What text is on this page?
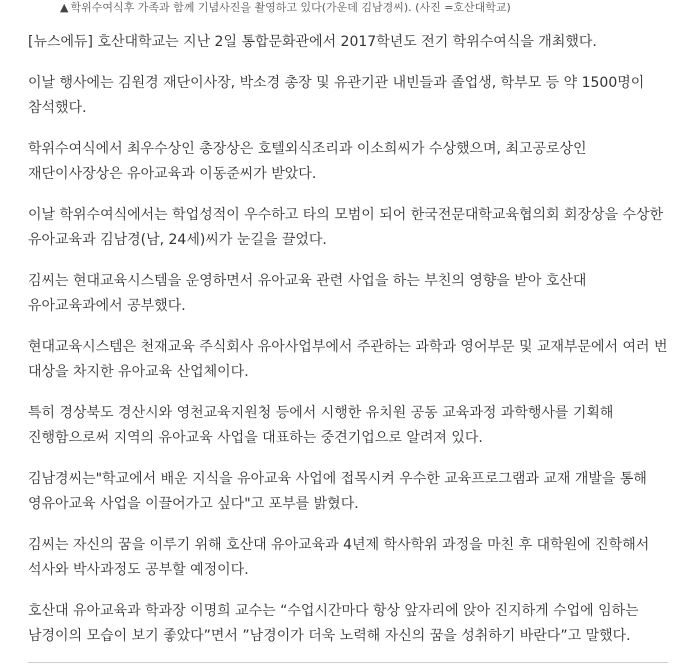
▲ 학위수여식후 가족과 함께 기념사진을 촬영하고 있다(가운데 김남경씨). (사진 =호산대학교)

[뉴스에듀] 호산대학교는 지난 2일 통합문화관에서 2017학년도 전기 학위수여식을 개최했다.

이날 행사에는 김원경 재단이사장, 박소경 총장 및 유관기관 내빈들과 졸업생, 학부모 등 약 1500명이 참석했다.

학위수여식에서 최우수상인 총장상은 호텔외식조리과 이소희씨가 수상했으며, 최고공로상인 재단이사장상은 유아교육과 이동준씨가 받았다.

이날 학위수여식에서는 학업성적이 우수하고 타의 모범이 되어 한국전문대학교육협의회 회장상을 수상한 유아교육과 김남경(남, 24세)씨가 눈길을 끌었다.

김씨는 현대교육시스템을 운영하면서 유아교육 관련 사업을 하는 부친의 영향을 받아 호산대 유아교육과에서 공부했다.

현대교육시스템은 천재교육 주식회사 유아사업부에서 주관하는 과학과 영어부문 및 교재부문에서 여러 번 대상을 차지한 유아교육 산업체이다.

특히 경상북도 경산시와 영천교육지원청 등에서 시행한 유치원 공동 교육과정 과학행사를 기획해 진행함으로써 지역의 유아교육 사업을 대표하는 중견기업으로 알려져 있다.

김남경씨는"학교에서 배운 지식을 유아교육 사업에 접목시켜 우수한 교육프로그램과 교재 개발을 통해 영유아교육 사업을 이끌어가고 싶다"고 포부를 밝혔다.

김씨는 자신의 꿈을 이루기 위해 호산대 유아교육과 4년제 학사학위 과정을 마친 후 대학원에 진학해서 석사와 박사과정도 공부할 예정이다.

호산대 유아교육과 학과장 이명희 교수는 “수업시간마다 항상 앞자리에 앉아 진지하게 수업에 임하는 남경이의 모습이 보기 좋았다”면서 ”남경이가 더욱 노력해 자신의 꿈을 성취하기 바란다”고 말했다.
